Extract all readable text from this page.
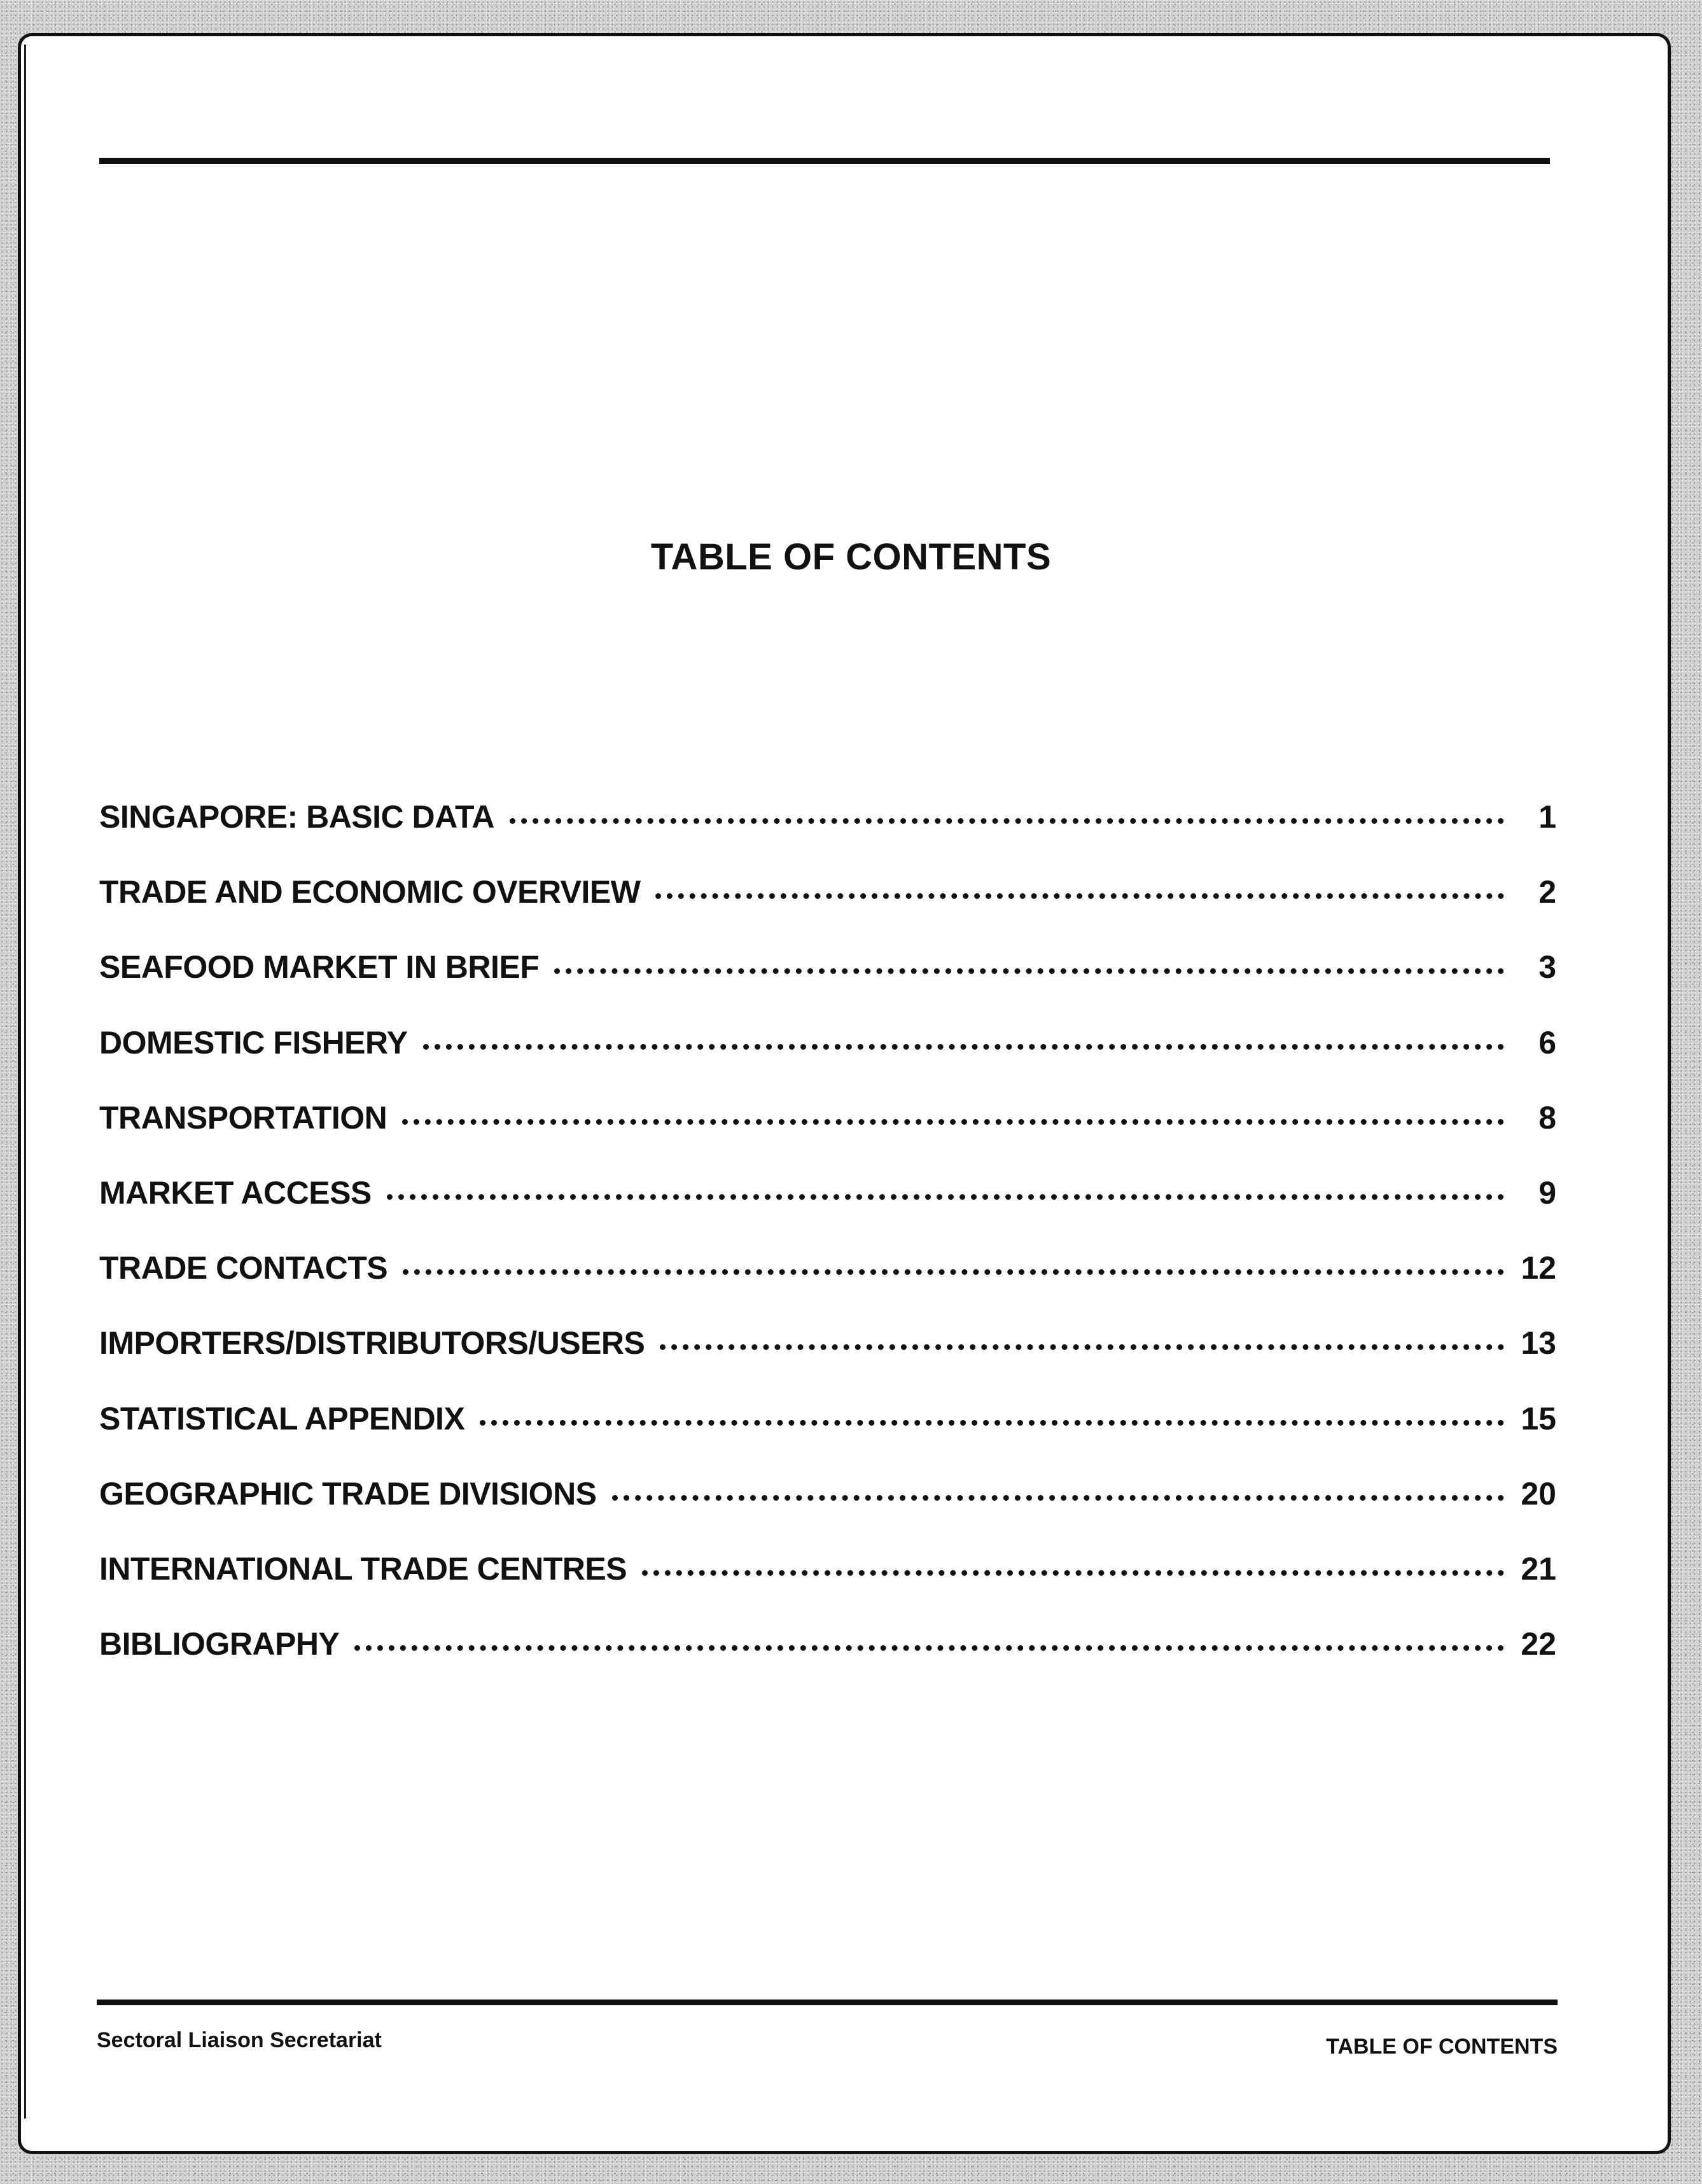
TABLE OF CONTENTS
SINGAPORE: BASIC DATA	1
TRADE AND ECONOMIC OVERVIEW	2
SEAFOOD MARKET IN BRIEF	3
DOMESTIC FISHERY	6
TRANSPORTATION	8
MARKET ACCESS	9
TRADE CONTACTS	12
IMPORTERS/DISTRIBUTORS/USERS	13
STATISTICAL APPENDIX	15
GEOGRAPHIC TRADE DIVISIONS	20
INTERNATIONAL TRADE CENTRES	21
BIBLIOGRAPHY	22
Sectoral Liaison Secretariat	TABLE OF CONTENTS
